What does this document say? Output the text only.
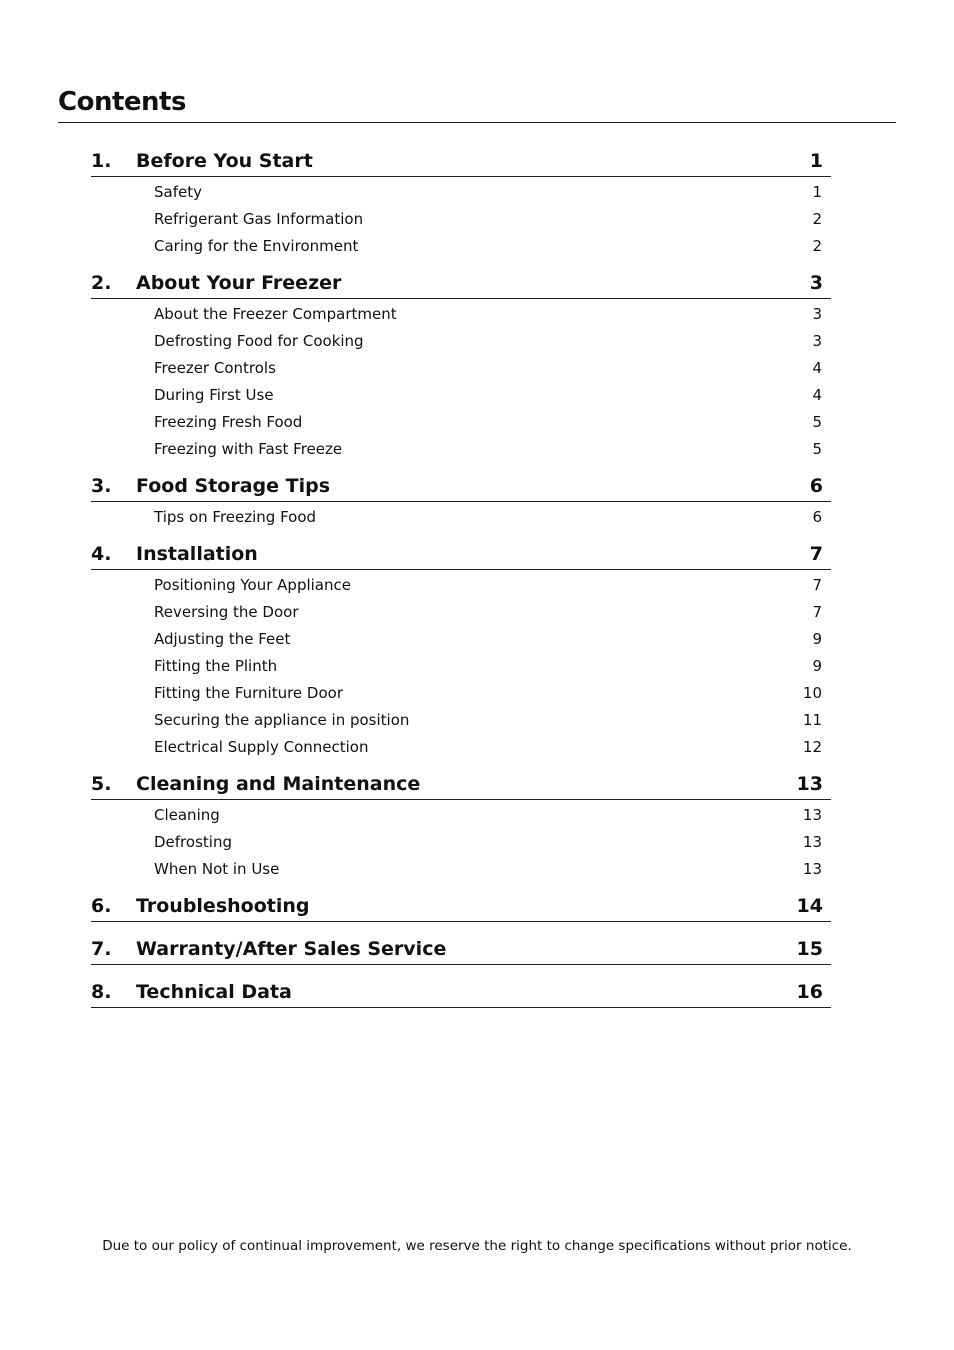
Contents
1. Before You Start	1
Safety	1
Refrigerant Gas Information	2
Caring for the Environment	2
2. About Your Freezer	3
About the Freezer Compartment	3
Defrosting Food for Cooking	3
Freezer Controls	4
During First Use	4
Freezing Fresh Food	5
Freezing with Fast Freeze	5
3. Food Storage Tips	6
Tips on Freezing Food	6
4. Installation	7
Positioning Your Appliance	7
Reversing the Door	7
Adjusting the Feet	9
Fitting the Plinth	9
Fitting the Furniture Door	10
Securing the appliance in position	11
Electrical Supply Connection	12
5. Cleaning and Maintenance	13
Cleaning	13
Defrosting	13
When Not in Use	13
6. Troubleshooting	14
7. Warranty/After Sales Service	15
8. Technical Data	16

Due to our policy of continual improvement, we reserve the right to change specifications without prior notice.
